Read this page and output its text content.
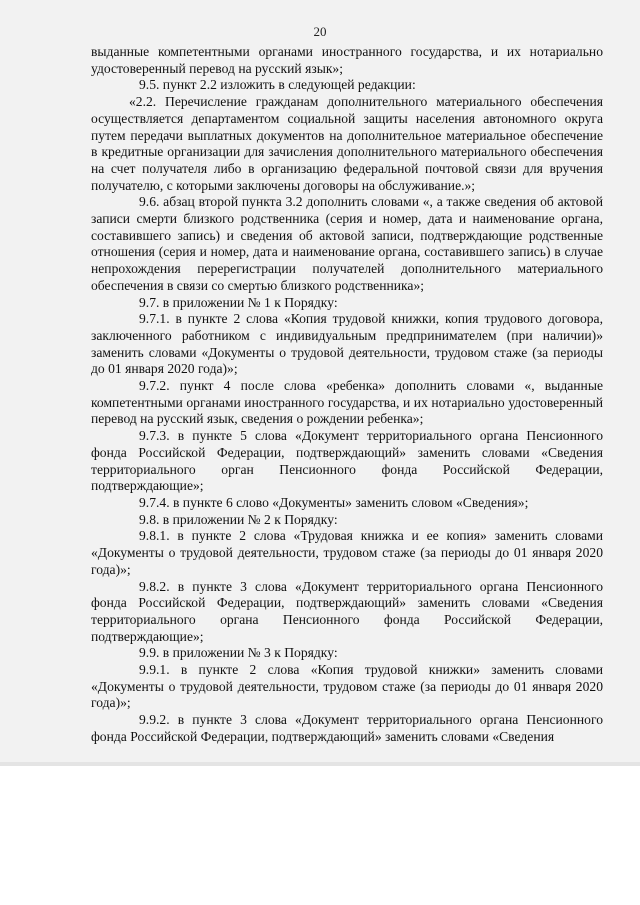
20

выданные компетентными органами иностранного государства, и их нотариально удостоверенный перевод на русский язык»;

9.5. пункт 2.2 изложить в следующей редакции:

«2.2. Перечисление гражданам дополнительного материального обеспечения осуществляется департаментом социальной защиты населения автономного округа путем передачи выплатных документов на дополнительное материальное обеспечение в кредитные организации для зачисления дополнительного материального обеспечения на счет получателя либо в организацию федеральной почтовой связи для вручения получателю, с которыми заключены договоры на обслуживание.»;

9.6. абзац второй пункта 3.2 дополнить словами «, а также сведения об актовой записи смерти близкого родственника (серия и номер, дата и наименование органа, составившего запись) и сведения об актовой записи, подтверждающие родственные отношения (серия и номер, дата и наименование органа, составившего запись) в случае непрохождения перерегистрации получателей дополнительного материального обеспечения в связи со смертью близкого родственника»;

9.7. в приложении № 1 к Порядку:

9.7.1. в пункте 2 слова «Копия трудовой книжки, копия трудового договора, заключенного работником с индивидуальным предпринимателем (при наличии)» заменить словами «Документы о трудовой деятельности, трудовом стаже (за периоды до 01 января 2020 года)»;

9.7.2. пункт 4 после слова «ребенка» дополнить словами «, выданные компетентными органами иностранного государства, и их нотариально удостоверенный перевод на русский язык, сведения о рождении ребенка»;

9.7.3. в пункте 5 слова «Документ территориального органа Пенсионного фонда Российской Федерации, подтверждающий» заменить словами «Сведения территориального орган Пенсионного фонда Российской Федерации, подтверждающие»;

9.7.4. в пункте 6 слово «Документы» заменить словом «Сведения»;

9.8. в приложении № 2 к Порядку:

9.8.1. в пункте 2 слова «Трудовая книжка и ее копия» заменить словами «Документы о трудовой деятельности, трудовом стаже (за периоды до 01 января 2020 года)»;

9.8.2. в пункте 3 слова «Документ территориального органа Пенсионного фонда Российской Федерации, подтверждающий» заменить словами «Сведения территориального органа Пенсионного фонда Российской Федерации, подтверждающие»;

9.9. в приложении № 3 к Порядку:

9.9.1. в пункте 2 слова «Копия трудовой книжки» заменить словами «Документы о трудовой деятельности, трудовом стаже (за периоды до 01 января 2020 года)»;

9.9.2. в пункте 3 слова «Документ территориального органа Пенсионного фонда Российской Федерации, подтверждающий» заменить словами «Сведения
